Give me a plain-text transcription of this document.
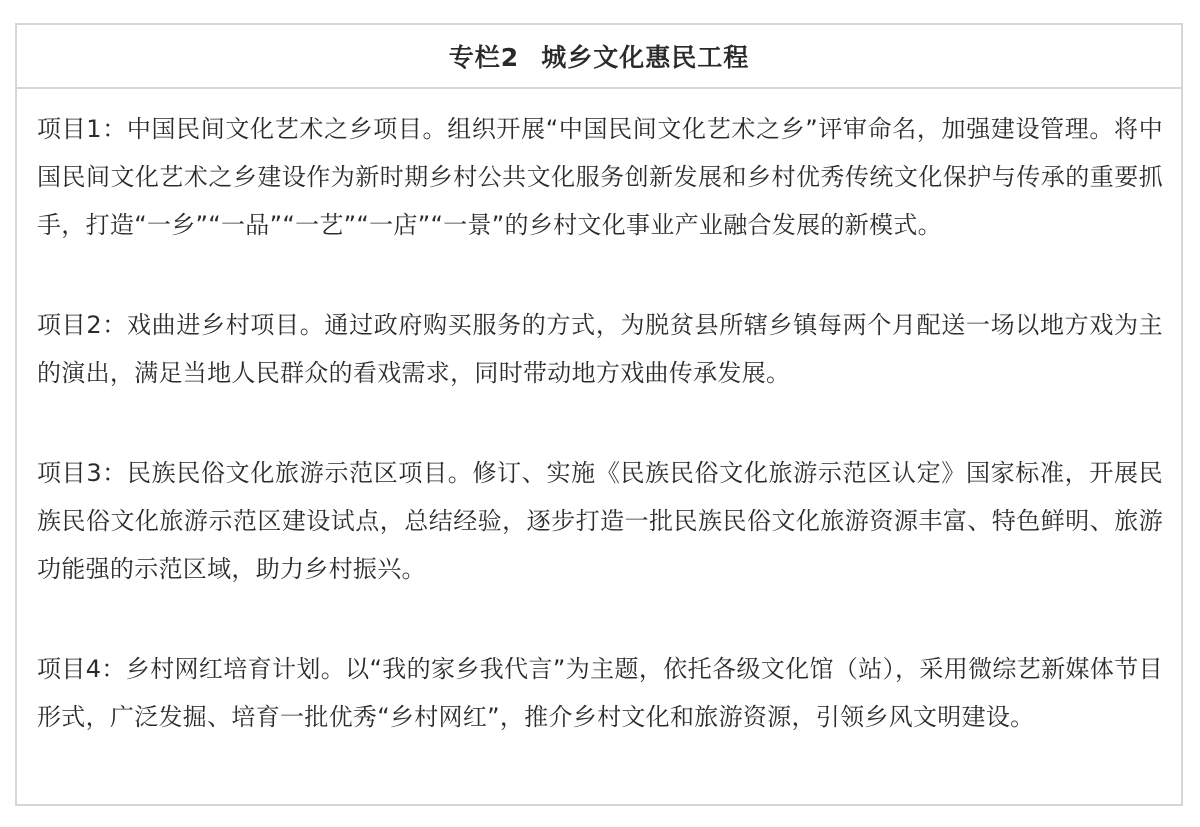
专栏2 城乡文化惠民工程

项目1：中国民间文化艺术之乡项目。组织开展“中国民间文化艺术之乡”评审命名，加强建设管理。将中国民间文化艺术之乡建设作为新时期乡村公共文化服务创新发展和乡村优秀传统文化保护与传承的重要抓手，打造“一乡”“一品”“一艺”“一店”“一景”的乡村文化事业产业融合发展的新模式。

项目2：戏曲进乡村项目。通过政府购买服务的方式，为脱贫县所辖乡镇每两个月配送一场以地方戏为主的演出，满足当地人民群众的看戏需求，同时带动地方戏曲传承发展。

项目3：民族民俗文化旅游示范区项目。修订、实施《民族民俗文化旅游示范区认定》国家标准，开展民族民俗文化旅游示范区建设试点，总结经验，逐步打造一批民族民俗文化旅游资源丰富、特色鲜明、旅游功能强的示范区域，助力乡村振兴。

项目4：乡村网红培育计划。以“我的家乡我代言”为主题，依托各级文化馆（站），采用微综艺新媒体节目形式，广泛发掘、培育一批优秀“乡村网红”，推介乡村文化和旅游资源，引领乡风文明建设。
